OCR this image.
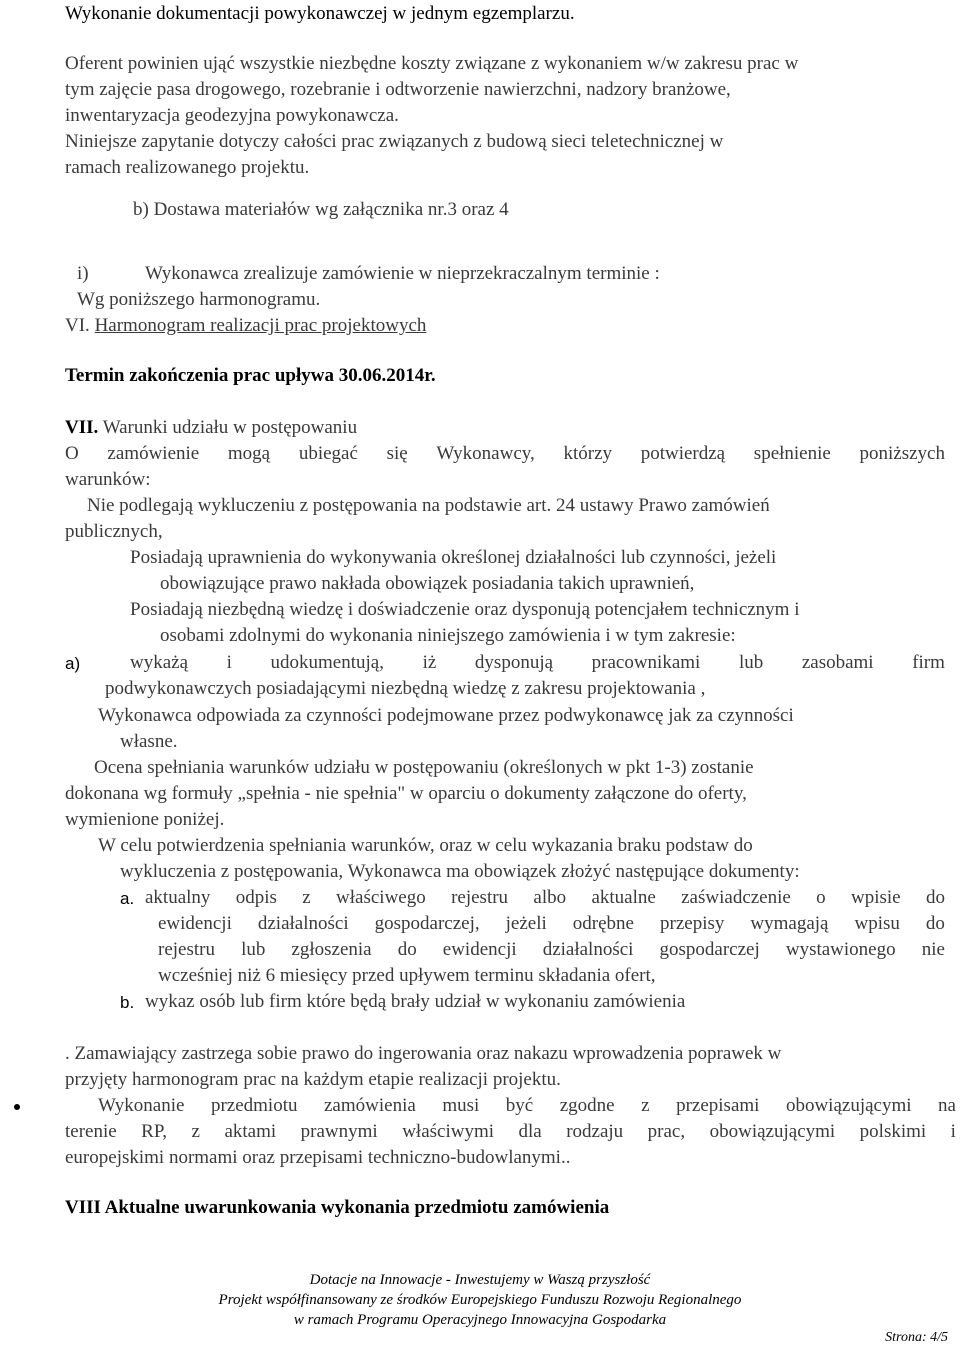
Wykonanie dokumentacji powykonawczej w jednym egzemplarzu.
Oferent powinien ująć wszystkie niezbędne koszty związane z wykonaniem w/w zakresu prac w
tym zajęcie pasa drogowego, rozebranie i odtworzenie nawierzchni, nadzory branżowe,
inwentaryzacja geodezyjna powykonawcza.
Niniejsze zapytanie dotyczy całości prac związanych z budową sieci teletechnicznej w
ramach realizowanego projektu.
b) Dostawa materiałów wg załącznika nr.3 oraz 4
i)	Wykonawca zrealizuje zamówienie w nieprzekraczalnym terminie :
Wg poniższego harmonogramu.
VI. Harmonogram realizacji prac projektowych
Termin zakończenia prac upływa 30.06.2014r.
VII. Warunki udziału w postępowaniu
O zamówienie mogą ubiegać się Wykonawcy, którzy potwierdzą spełnienie poniższych
warunków:
Nie podlegają wykluczeniu z postępowania na podstawie art. 24 ustawy Prawo zamówień
publicznych,
Posiadają uprawnienia do wykonywania określonej działalności lub czynności, jeżeli
obowiązujące prawo nakłada obowiązek posiadania takich uprawnień,
Posiadają niezbędną wiedzę i doświadczenie oraz dysponują potencjałem technicznym i
osobami zdolnymi do wykonania niniejszego zamówienia i w tym zakresie:
a)	wykażą i udokumentują, iż dysponują pracownikami lub zasobami firm
podwykonawczych posiadającymi niezbędną wiedzę z zakresu projektowania ,
Wykonawca odpowiada za czynności podejmowane przez podwykonawcę jak za czynności
własne.
Ocena spełniania warunków udziału w postępowaniu (określonych w pkt 1-3) zostanie
dokonana wg formuły „spełnia - nie spełnia" w oparciu o dokumenty załączone do oferty,
wymienione poniżej.
W celu potwierdzenia spełniania warunków, oraz w celu wykazania braku podstaw do
wykluczenia z postępowania, Wykonawca ma obowiązek złożyć następujące dokumenty:
a. aktualny odpis z właściwego rejestru albo aktualne zaświadczenie o wpisie do
ewidencji działalności gospodarczej, jeżeli odrębne przepisy wymagają wpisu do
rejestru lub zgłoszenia do ewidencji działalności gospodarczej wystawionego nie
wcześniej niż 6 miesięcy przed upływem terminu składania ofert,
b. wykaz osób lub firm które będą brały udział w wykonaniu zamówienia
. Zamawiający zastrzega sobie prawo do ingerowania oraz nakazu wprowadzenia poprawek w
przyjęty harmonogram prac na każdym etapie realizacji projektu.
Wykonanie przedmiotu zamówienia musi być zgodne z przepisami obowiązującymi na
terenie RP, z aktami prawnymi właściwymi dla rodzaju prac, obowiązującymi polskimi i
europejskimi normami oraz przepisami techniczno-budowlanymi..
VIII Aktualne uwarunkowania wykonania przedmiotu zamówienia
Dotacje na Innowacje - Inwestujemy w Waszą przyszłość
Projekt współfinansowany ze środków Europejskiego Funduszu Rozwoju Regionalnego
w ramach Programu Operacyjnego Innowacyjna Gospodarka
Strona: 4/5
